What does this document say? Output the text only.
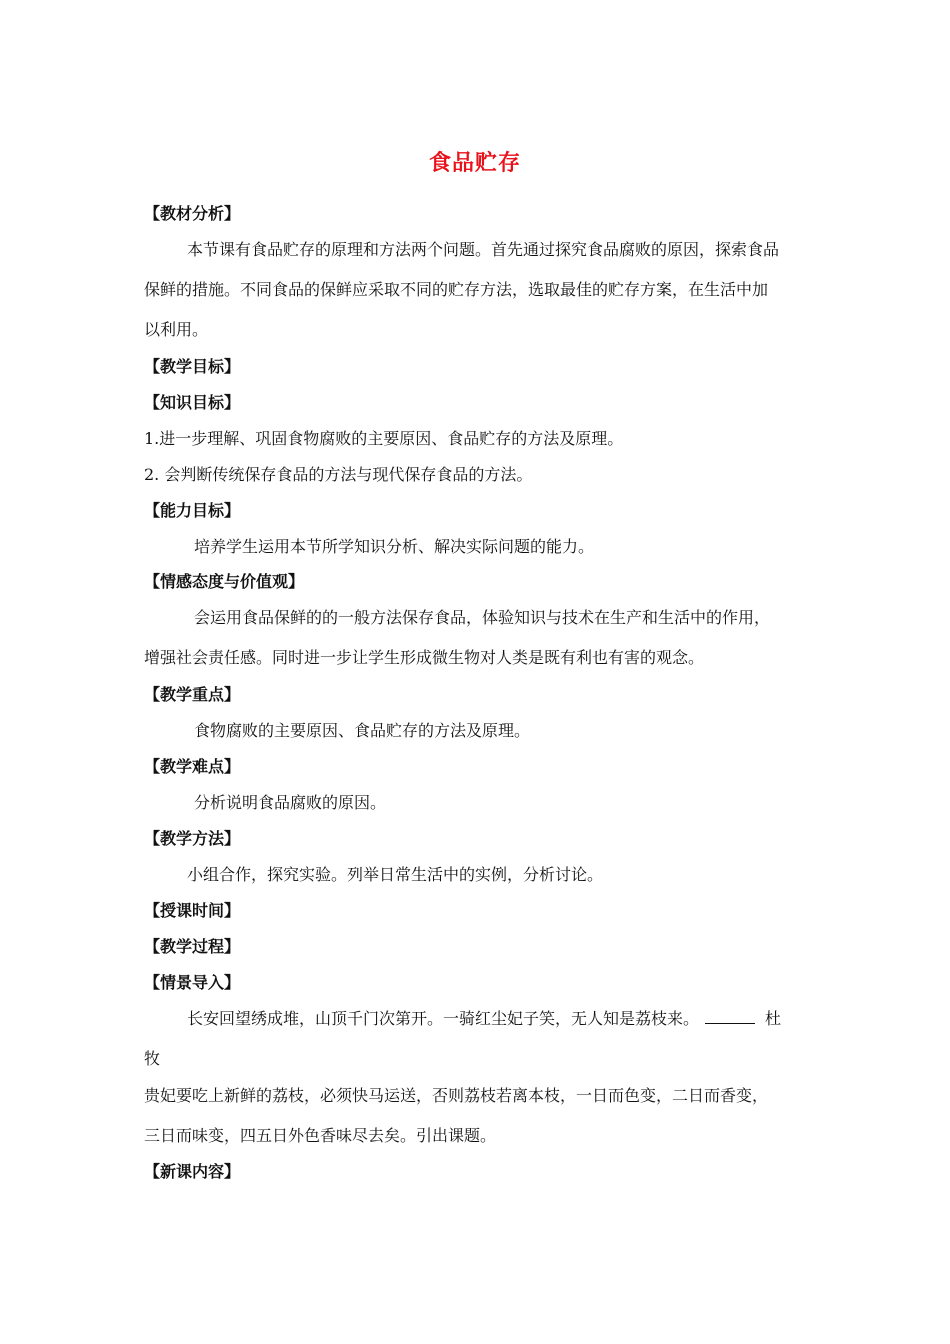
食品贮存
【教材分析】
本节课有食品贮存的原理和方法两个问题。首先通过探究食品腐败的原因，探索食品
保鲜的措施。不同食品的保鲜应采取不同的贮存方法，选取最佳的贮存方案，在生活中加
以利用。
【教学目标】
【知识目标】
1.进一步理解、巩固食物腐败的主要原因、食品贮存的方法及原理。
2. 会判断传统保存食品的方法与现代保存食品的方法。
【能力目标】
培养学生运用本节所学知识分析、解决实际问题的能力。
【情感态度与价值观】
会运用食品保鲜的的一般方法保存食品，体验知识与技术在生产和生活中的作用，
增强社会责任感。同时进一步让学生形成微生物对人类是既有利也有害的观念。
【教学重点】
食物腐败的主要原因、食品贮存的方法及原理。
【教学难点】
分析说明食品腐败的原因。
【教学方法】
小组合作，探究实验。列举日常生活中的实例，分析讨论。
【授课时间】
【教学过程】
【情景导入】
长安回望绣成堆，山顶千门次第开。一骑红尘妃子笑，无人知是荔枝来。	杜
牧
贵妃要吃上新鲜的荔枝，必须快马运送，否则荔枝若离本枝，一日而色变，二日而香变，
三日而味变，四五日外色香味尽去矣。引出课题。
【新课内容】
